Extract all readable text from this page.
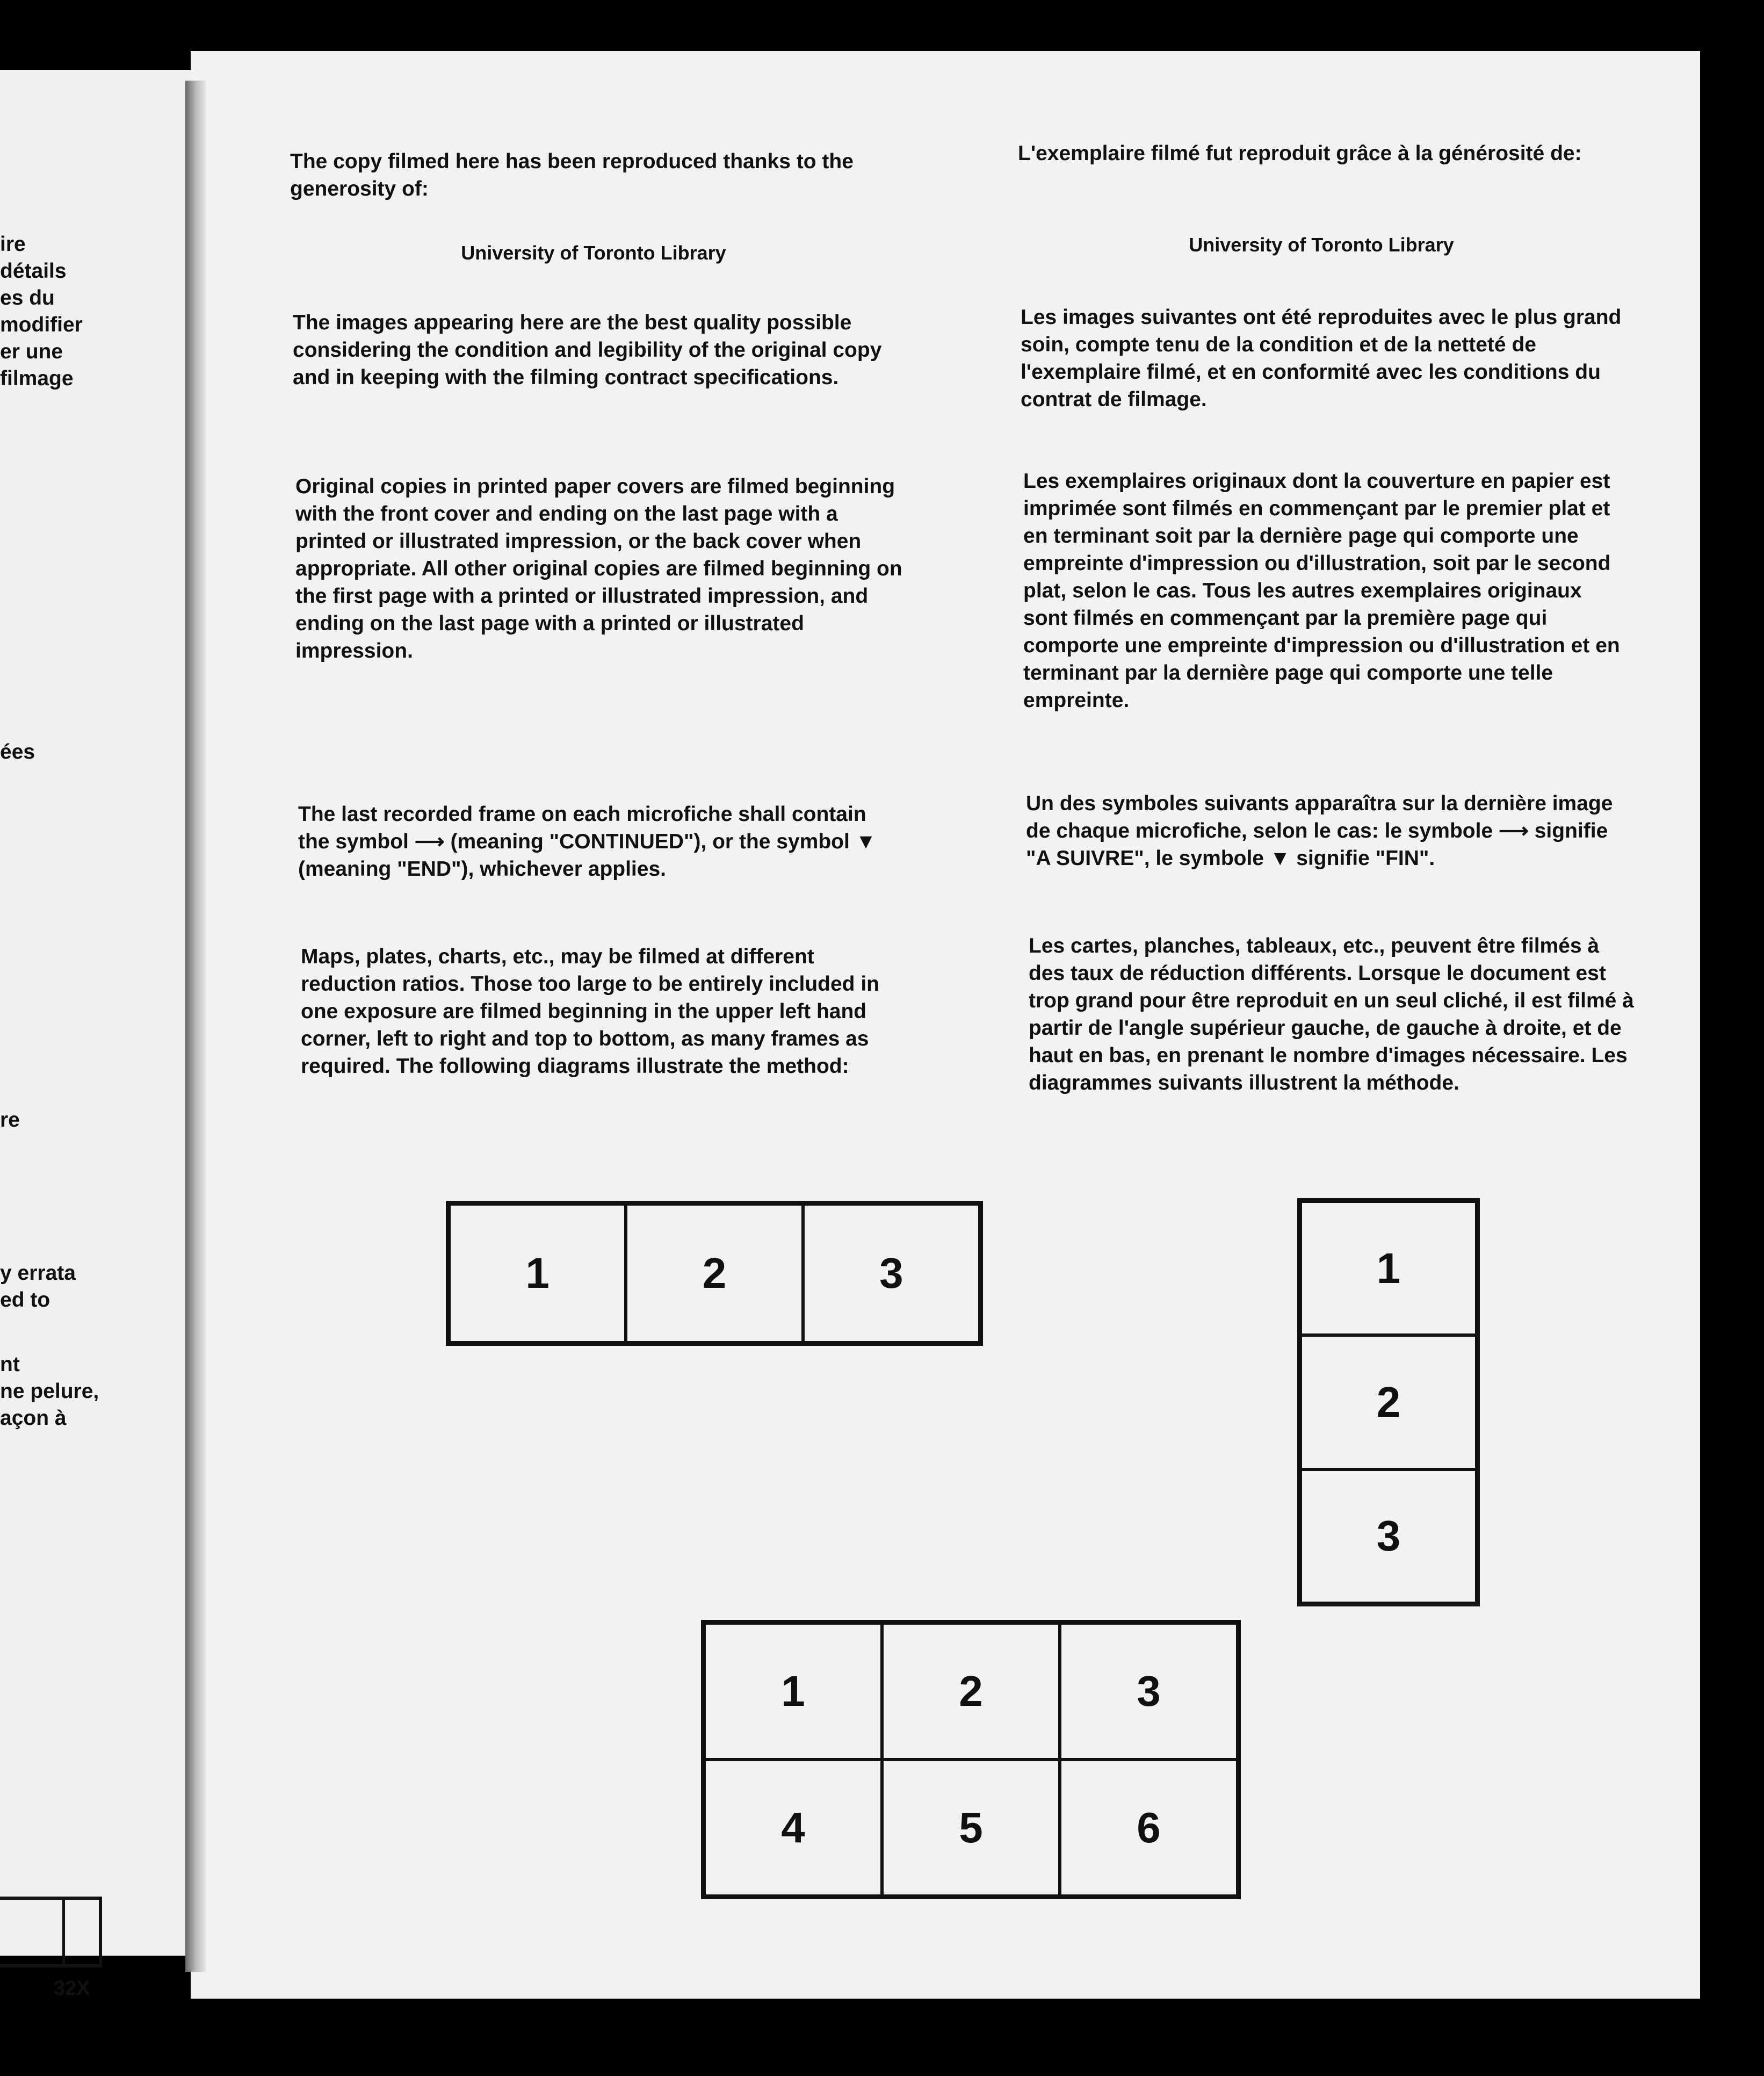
ire
détails
es du
modifier
er une
filmage
ées
re
y errata
ed to
nt
ne pelure,
açon à
32X
The copy filmed here has been reproduced thanks to the generosity of:
University of Toronto Library
The images appearing here are the best quality possible considering the condition and legibility of the original copy and in keeping with the filming contract specifications.
Original copies in printed paper covers are filmed beginning with the front cover and ending on the last page with a printed or illustrated impression, or the back cover when appropriate. All other original copies are filmed beginning on the first page with a printed or illustrated impression, and ending on the last page with a printed or illustrated impression.
The last recorded frame on each microfiche shall contain the symbol ⟶ (meaning "CONTINUED"), or the symbol ▼ (meaning "END"), whichever applies.
Maps, plates, charts, etc., may be filmed at different reduction ratios. Those too large to be entirely included in one exposure are filmed beginning in the upper left hand corner, left to right and top to bottom, as many frames as required. The following diagrams illustrate the method:
L'exemplaire filmé fut reproduit grâce à la générosité de:
University of Toronto Library
Les images suivantes ont été reproduites avec le plus grand soin, compte tenu de la condition et de la netteté de l'exemplaire filmé, et en conformité avec les conditions du contrat de filmage.
Les exemplaires originaux dont la couverture en papier est imprimée sont filmés en commençant par le premier plat et en terminant soit par la dernière page qui comporte une empreinte d'impression ou d'illustration, soit par le second plat, selon le cas. Tous les autres exemplaires originaux sont filmés en commençant par la première page qui comporte une empreinte d'impression ou d'illustration et en terminant par la dernière page qui comporte une telle empreinte.
Un des symboles suivants apparaîtra sur la dernière image de chaque microfiche, selon le cas: le symbole ⟶ signifie "A SUIVRE", le symbole ▼ signifie "FIN".
Les cartes, planches, tableaux, etc., peuvent être filmés à des taux de réduction différents. Lorsque le document est trop grand pour être reproduit en un seul cliché, il est filmé à partir de l'angle supérieur gauche, de gauche à droite, et de haut en bas, en prenant le nombre d'images nécessaire. Les diagrammes suivants illustrent la méthode.
1	2	3	1
2
3
1	2	3
4	5	6
